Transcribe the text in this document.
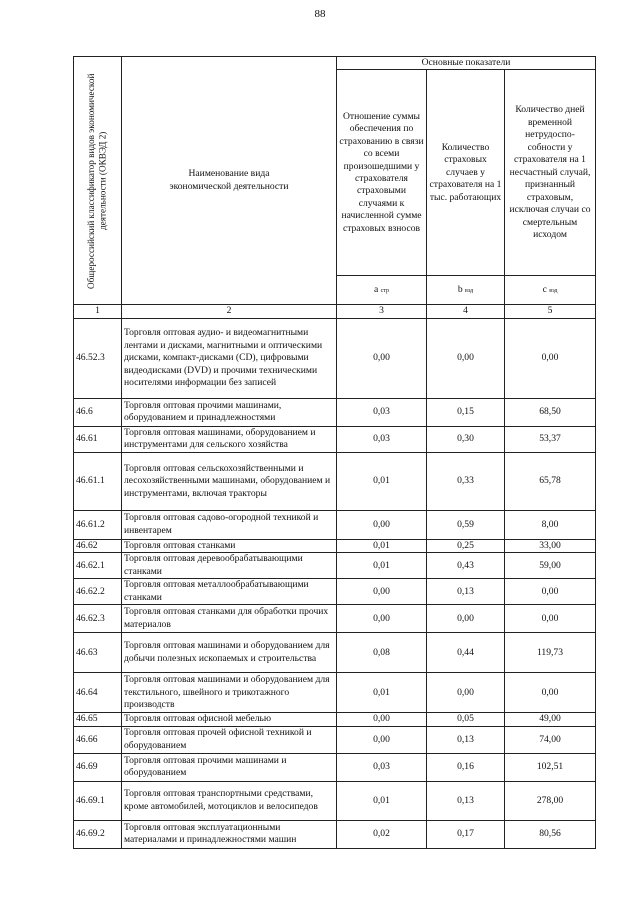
88
Общероссийский классификатор видов экономической деятельности (ОКВЭД 2)	Наименование вида экономической деятельности	Основные показатели		
		Отношение суммы обеспечения по страхованию в связи со всеми произошедшими у страхователя страховыми случаями к начисленной сумме страховых взносов	Количество страховых случаев у страхователя на 1 тыс. работающих	Количество дней временной нетрудоспо-собности у страхователя на 1 несчастный случай, признанный страховым, исключая случаи со смертельным исходом
		a стр	b вэд	c вэд
1	2	3	4	5
46.52.3	Торговля оптовая аудио- и видеомагнитными лентами и дисками, магнитными и оптическими дисками, компакт-дисками (CD), цифровыми видеодисками (DVD) и прочими техническими носителями информации без записей	0,00	0,00	0,00
46.6	Торговля оптовая прочими машинами, оборудованием и принадлежностями	0,03	0,15	68,50
46.61	Торговля оптовая машинами, оборудованием и инструментами для сельского хозяйства	0,03	0,30	53,37
46.61.1	Торговля оптовая сельскохозяйственными и лесохозяйственными машинами, оборудованием и инструментами, включая тракторы	0,01	0,33	65,78
46.61.2	Торговля оптовая садово-огородной техникой и инвентарем	0,00	0,59	8,00
46.62	Торговля оптовая станками	0,01	0,25	33,00
46.62.1	Торговля оптовая деревообрабатывающими станками	0,01	0,43	59,00
46.62.2	Торговля оптовая металлообрабатывающими станками	0,00	0,13	0,00
46.62.3	Торговля оптовая станками для обработки прочих материалов	0,00	0,00	0,00
46.63	Торговля оптовая машинами и оборудованием для добычи полезных ископаемых и строительства	0,08	0,44	119,73
46.64	Торговля оптовая машинами и оборудованием для текстильного, швейного и трикотажного производств	0,01	0,00	0,00
46.65	Торговля оптовая офисной мебелью	0,00	0,05	49,00
46.66	Торговля оптовая прочей офисной техникой и оборудованием	0,00	0,13	74,00
46.69	Торговля оптовая прочими машинами и оборудованием	0,03	0,16	102,51
46.69.1	Торговля оптовая транспортными средствами, кроме автомобилей, мотоциклов и велосипедов	0,01	0,13	278,00
46.69.2	Торговля оптовая эксплуатационными материалами и принадлежностями машин	0,02	0,17	80,56
